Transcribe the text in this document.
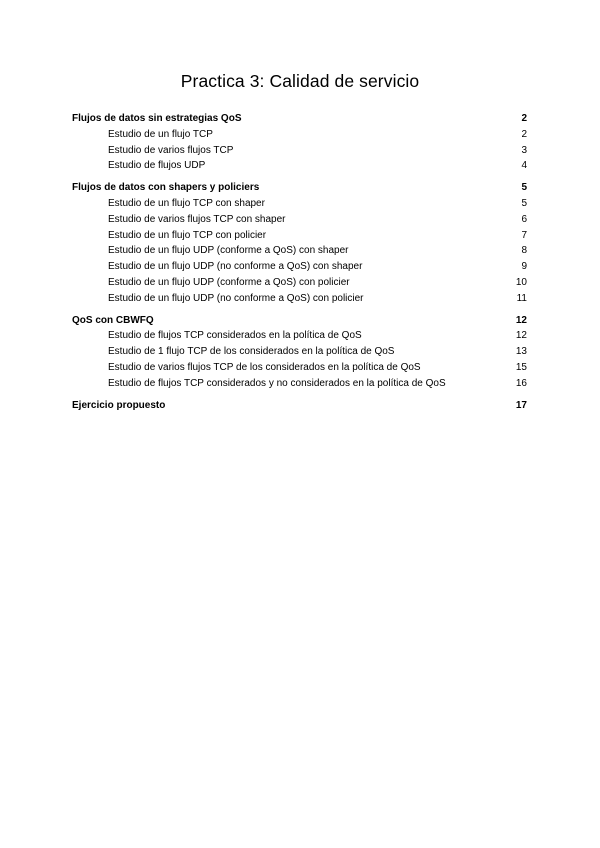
Practica 3: Calidad de servicio
Flujos de datos sin estrategias QoS	2
Estudio de un flujo TCP	2
Estudio de varios flujos TCP	3
Estudio de flujos UDP	4
Flujos de datos con shapers y policiers	5
Estudio de un flujo TCP con shaper	5
Estudio de varios flujos TCP con shaper	6
Estudio de un flujo TCP con policier	7
Estudio de un flujo UDP (conforme a QoS) con shaper	8
Estudio de un flujo UDP (no conforme a QoS) con shaper	9
Estudio de un flujo UDP (conforme a QoS) con policier	10
Estudio de un flujo UDP (no conforme a QoS) con policier	11
QoS con CBWFQ	12
Estudio de flujos TCP considerados en la política de QoS	12
Estudio de 1 flujo TCP de los considerados en la política de QoS	13
Estudio de varios flujos TCP de los considerados en la política de QoS	15
Estudio de flujos TCP considerados y no considerados en la política de QoS	16
Ejercicio propuesto	17
